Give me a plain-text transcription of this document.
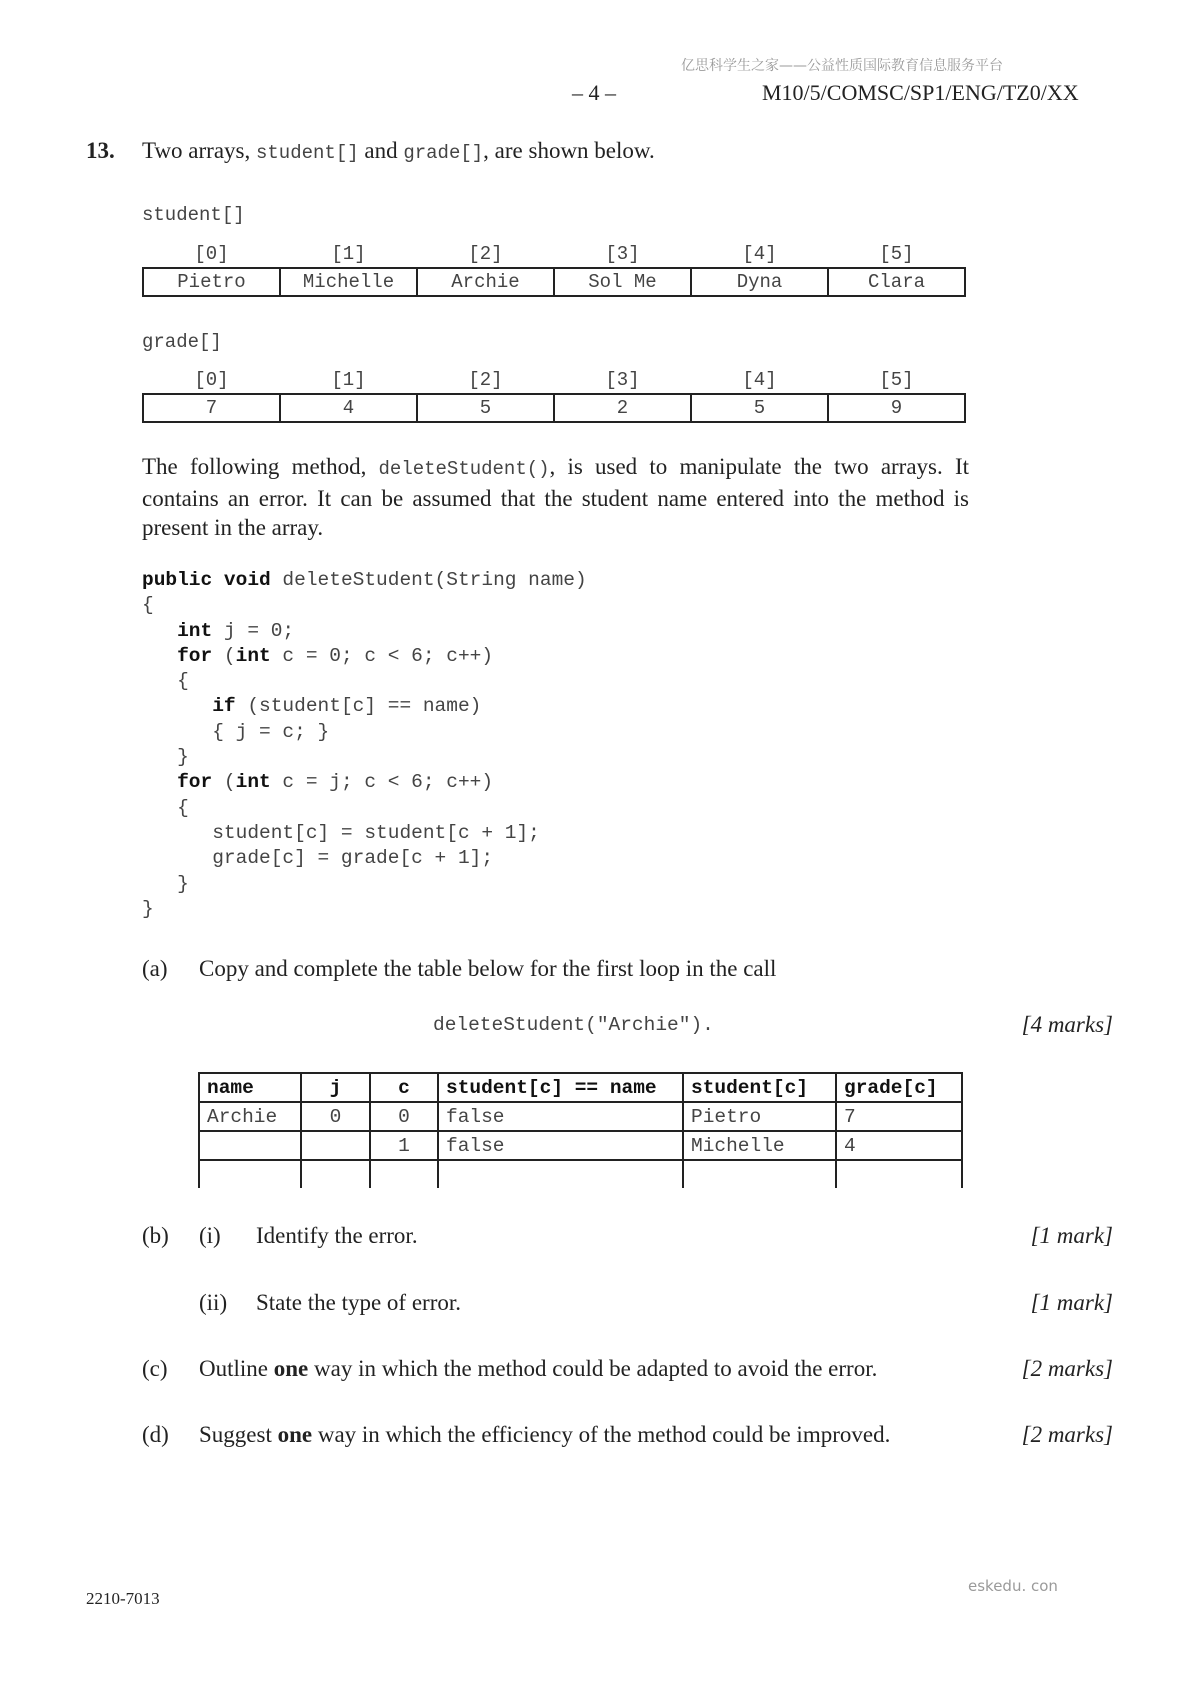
亿思科学生之家——公益性质国际教育信息服务平台
– 4 –	M10/5/COMSC/SP1/ENG/TZ0/XX
13. Two arrays, student[] and grade[], are shown below.
student[]
[0]	[1]	[2]	[3]	[4]	[5]
Pietro	Michelle	Archie	Sol Me	Dyna	Clara
grade[]
[0]	[1]	[2]	[3]	[4]	[5]
7	4	5	2	5	9
The following method, deleteStudent(), is used to manipulate the two arrays. It contains an error. It can be assumed that the student name entered into the method is present in the array.
public void deleteStudent(String name)
{
int j = 0;
for (int c = 0; c < 6; c++)
{
if (student[c] == name)
{ j = c; }
}
for (int c = j; c < 6; c++)
{
student[c] = student[c + 1];
grade[c] = grade[c + 1];
}
}
(a) Copy and complete the table below for the first loop in the call
deleteStudent("Archie").	[4 marks]
name	j	c	student[c] == name	student[c]	grade[c]
Archie	0	0	false	Pietro	7
		1	false	Michelle	4

(b) (i) Identify the error.	[1 mark]
(ii) State the type of error.	[1 mark]
(c) Outline one way in which the method could be adapted to avoid the error.	[2 marks]
(d) Suggest one way in which the efficiency of the method could be improved.	[2 marks]
2210-7013
eskedu. con
